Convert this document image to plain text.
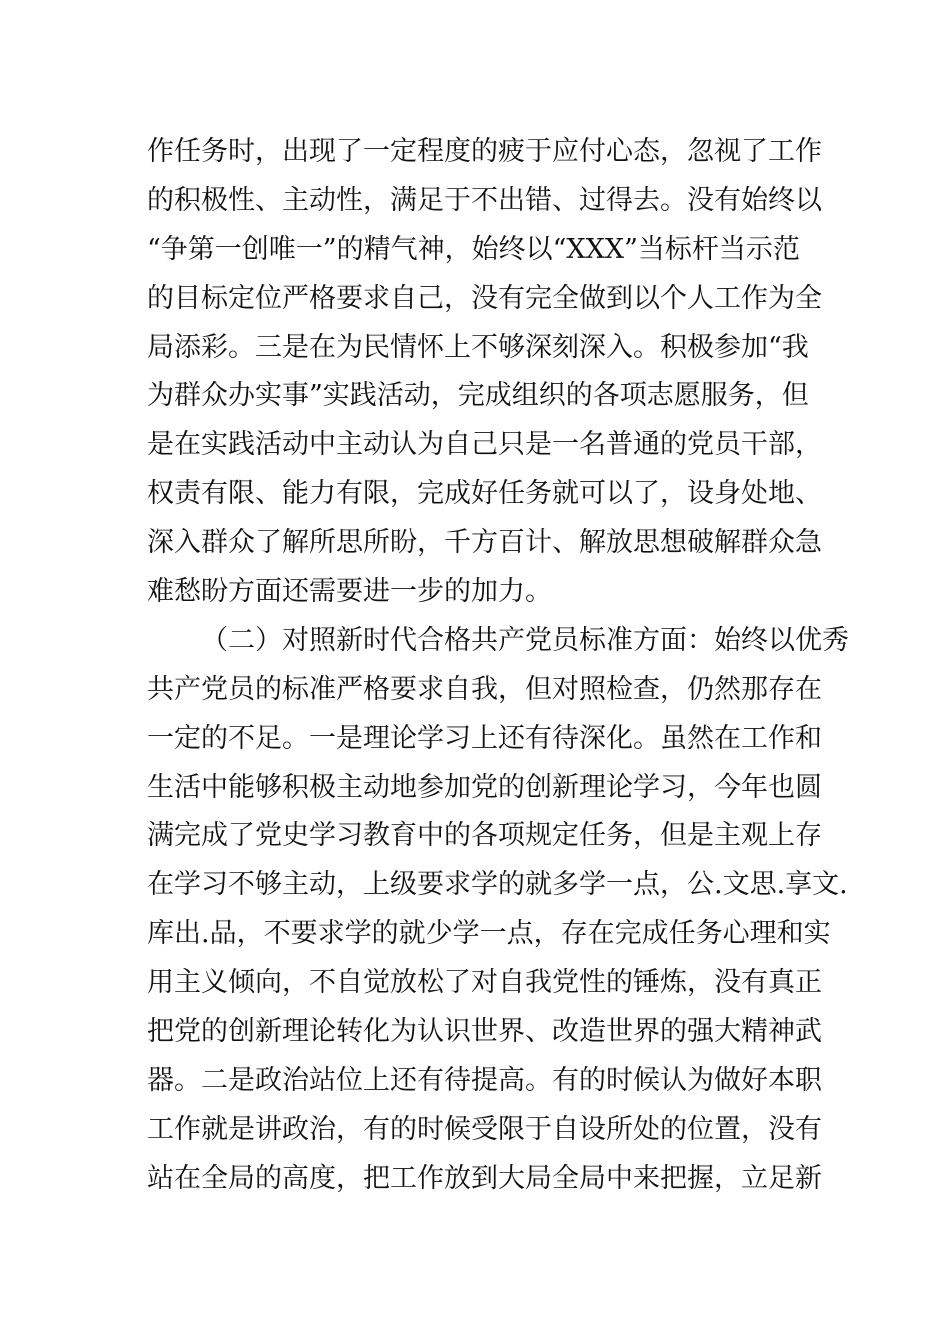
作任务时，出现了一定程度的疲于应付心态，忽视了工作
的积极性、主动性，满足于不出错、过得去。没有始终以
“争第一创唯一”的精气神，始终以“XXX”当标杆当示范
的目标定位严格要求自己，没有完全做到以个人工作为全
局添彩。三是在为民情怀上不够深刻深入。积极参加“我
为群众办实事”实践活动，完成组织的各项志愿服务，但
是在实践活动中主动认为自己只是一名普通的党员干部，
权责有限、能力有限，完成好任务就可以了，设身处地、
深入群众了解所思所盼，千方百计、解放思想破解群众急
难愁盼方面还需要进一步的加力。
（二）对照新时代合格共产党员标准方面：始终以优秀
共产党员的标准严格要求自我，但对照检查，仍然那存在
一定的不足。一是理论学习上还有待深化。虽然在工作和
生活中能够积极主动地参加党的创新理论学习，今年也圆
满完成了党史学习教育中的各项规定任务，但是主观上存
在学习不够主动，上级要求学的就多学一点，公.文思.享文.
库出.品，不要求学的就少学一点，存在完成任务心理和实
用主义倾向，不自觉放松了对自我党性的锤炼，没有真正
把党的创新理论转化为认识世界、改造世界的强大精神武
器。二是政治站位上还有待提高。有的时候认为做好本职
工作就是讲政治，有的时候受限于自设所处的位置，没有
站在全局的高度，把工作放到大局全局中来把握，立足新
